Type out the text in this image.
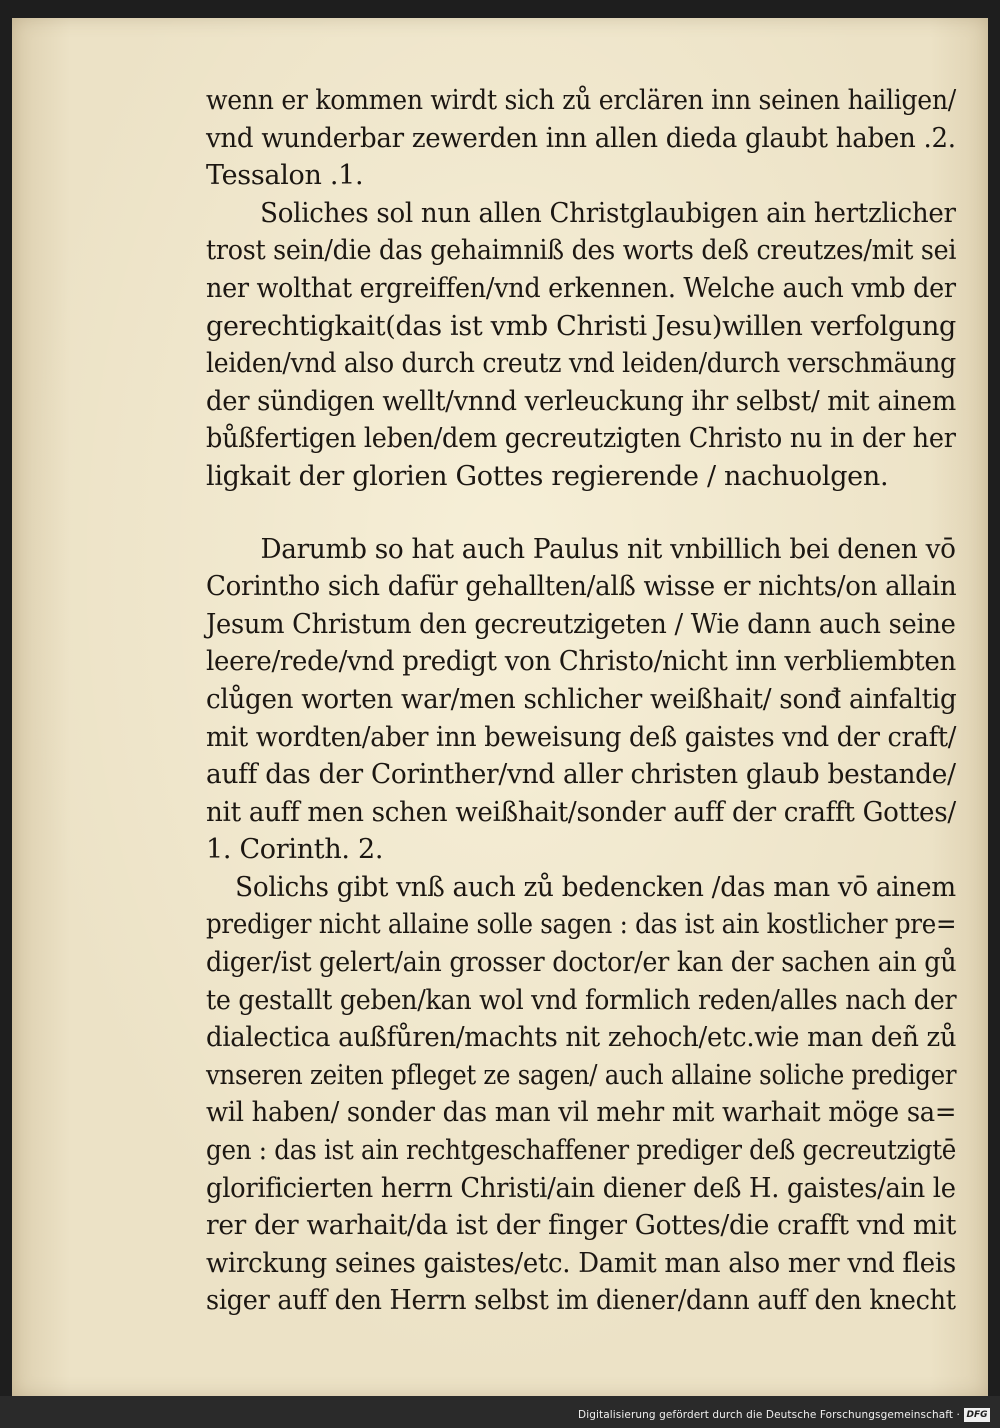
wenn er kommen wirdt sich zů erclären inn seinen hailigen/
vnd wunderbar zewerden inn allen dieda glaubt haben .2.
Tessalon .1.
Soliches sol nun allen Christglaubigen ain hertzlicher
trost sein/die das gehaimniß des worts deß creutzes/mit sei
ner wolthat ergreiffen/vnd erkennen. Welche auch vmb der
gerechtigkait(das ist vmb Christi Jesu)willen verfolgung
leiden/vnd also durch creutz vnd leiden/durch verschmäung
der sündigen wellt/vnnd verleuckung ihr selbst/ mit ainem
bůßfertigen leben/dem gecreutzigten Christo nu in der her
ligkait der glorien Gottes regierende / nachuolgen.
Darumb so hat auch Paulus nit vnbillich bei denen vō
Corintho sich dafür gehallten/alß wisse er nichts/on allain
Jesum Christum den gecreutzigeten / Wie dann auch seine
leere/rede/vnd predigt von Christo/nicht inn verbliembten
clůgen worten war/men schlicher weißhait/ sonđ ainfaltig
mit wordten/aber inn beweisung deß gaistes vnd der craft/
auff das der Corinther/vnd aller christen glaub bestande/
nit auff men schen weißhait/sonder auff der crafft Gottes/
1. Corinth. 2.
Solichs gibt vnß auch zů bedencken /das man vō ainem
prediger nicht allaine solle sagen : das ist ain kostlicher pre=
diger/ist gelert/ain grosser doctor/er kan der sachen ain gů
te gestallt geben/kan wol vnd formlich reden/alles nach der
dialectica außfůren/machts nit zehoch/etc.wie man deñ zů
vnseren zeiten pfleget ze sagen/ auch allaine soliche prediger
wil haben/ sonder das man vil mehr mit warhait möge sa=
gen : das ist ain rechtgeschaffener prediger deß gecreutzigtē
glorificierten herrn Christi/ain diener deß H. gaistes/ain le
rer der warhait/da ist der finger Gottes/die crafft vnd mit
wirckung seines gaistes/etc. Damit man also mer vnd fleis
siger auff den Herrn selbst im diener/dann auff den knecht
Digitalisierung gefördert durch die Deutsche Forschungsgemeinschaft · DFG
